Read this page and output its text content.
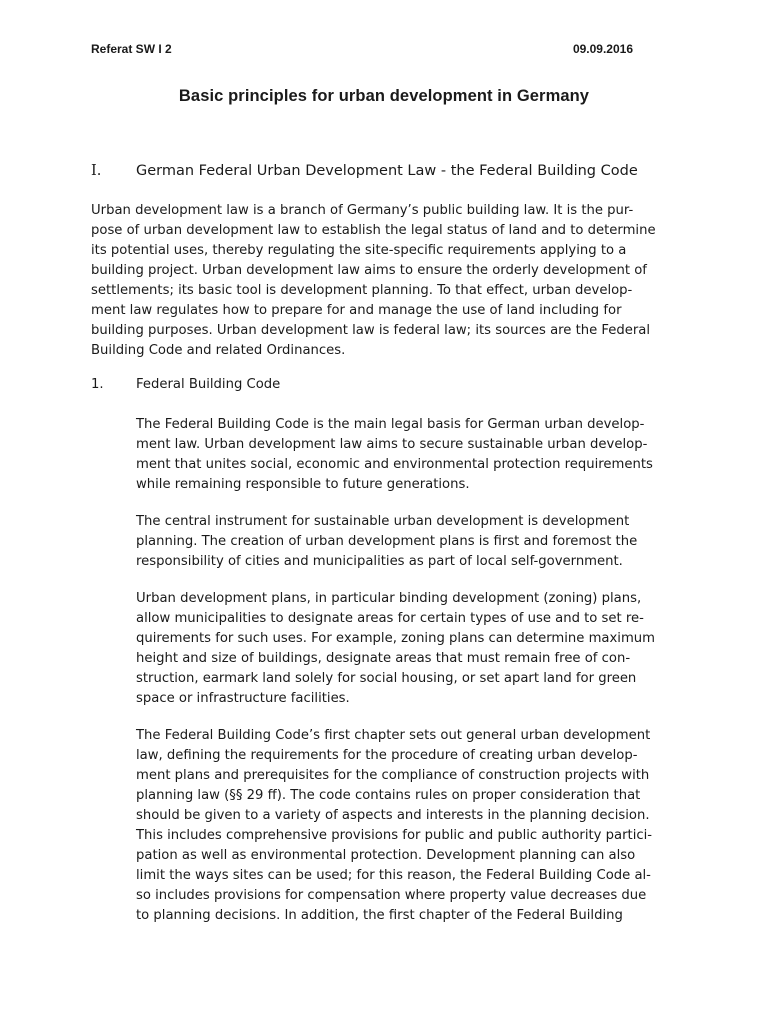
Referat SW I 2	09.09.2016
Basic principles for urban development in Germany
I. German Federal Urban Development Law - the Federal Building Code
Urban development law is a branch of Germany’s public building law. It is the pur-
pose of urban development law to establish the legal status of land and to determine
its potential uses, thereby regulating the site-specific requirements applying to a
building project. Urban development law aims to ensure the orderly development of
settlements; its basic tool is development planning. To that effect, urban develop-
ment law regulates how to prepare for and manage the use of land including for
building purposes. Urban development law is federal law; its sources are the Federal
Building Code and related Ordinances.
1. Federal Building Code
The Federal Building Code is the main legal basis for German urban develop-
ment law. Urban development law aims to secure sustainable urban develop-
ment that unites social, economic and environmental protection requirements
while remaining responsible to future generations.
The central instrument for sustainable urban development is development
planning. The creation of urban development plans is first and foremost the
responsibility of cities and municipalities as part of local self-government.
Urban development plans, in particular binding development (zoning) plans,
allow municipalities to designate areas for certain types of use and to set re-
quirements for such uses. For example, zoning plans can determine maximum
height and size of buildings, designate areas that must remain free of con-
struction, earmark land solely for social housing, or set apart land for green
space or infrastructure facilities.
The Federal Building Code’s first chapter sets out general urban development
law, defining the requirements for the procedure of creating urban develop-
ment plans and prerequisites for the compliance of construction projects with
planning law (§§ 29 ff). The code contains rules on proper consideration that
should be given to a variety of aspects and interests in the planning decision.
This includes comprehensive provisions for public and public authority partici-
pation as well as environmental protection. Development planning can also
limit the ways sites can be used; for this reason, the Federal Building Code al-
so includes provisions for compensation where property value decreases due
to planning decisions. In addition, the first chapter of the Federal Building
